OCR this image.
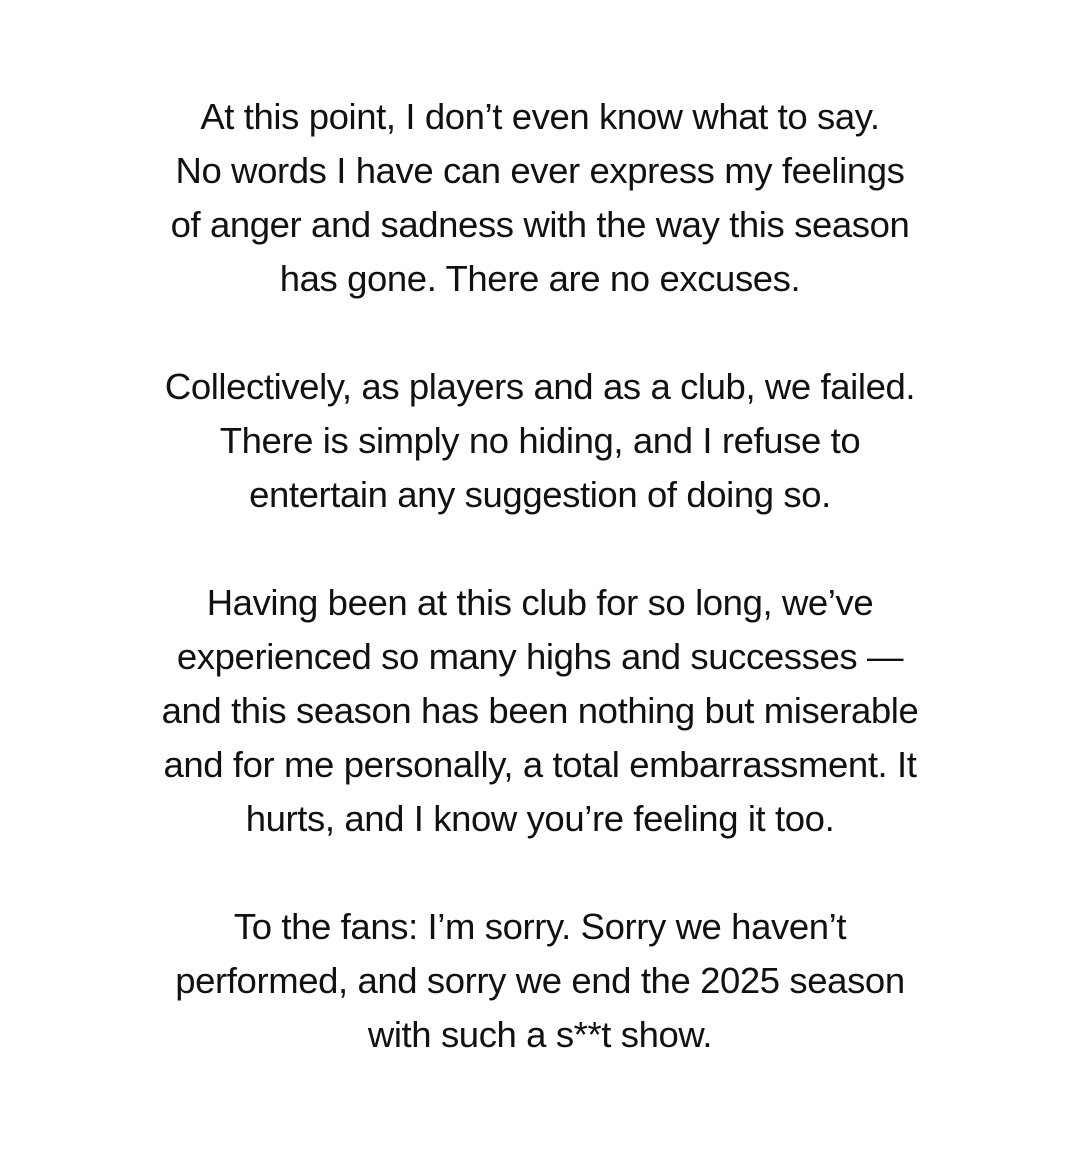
At this point, I don’t even know what to say.
No words I have can ever express my feelings
of anger and sadness with the way this season
has gone. There are no excuses.

Collectively, as players and as a club, we failed.
There is simply no hiding, and I refuse to
entertain any suggestion of doing so.

Having been at this club for so long, we’ve
experienced so many highs and successes —
and this season has been nothing but miserable
and for me personally, a total embarrassment. It
hurts, and I know you’re feeling it too.

To the fans: I’m sorry. Sorry we haven’t
performed, and sorry we end the 2025 season
with such a s**t show.
